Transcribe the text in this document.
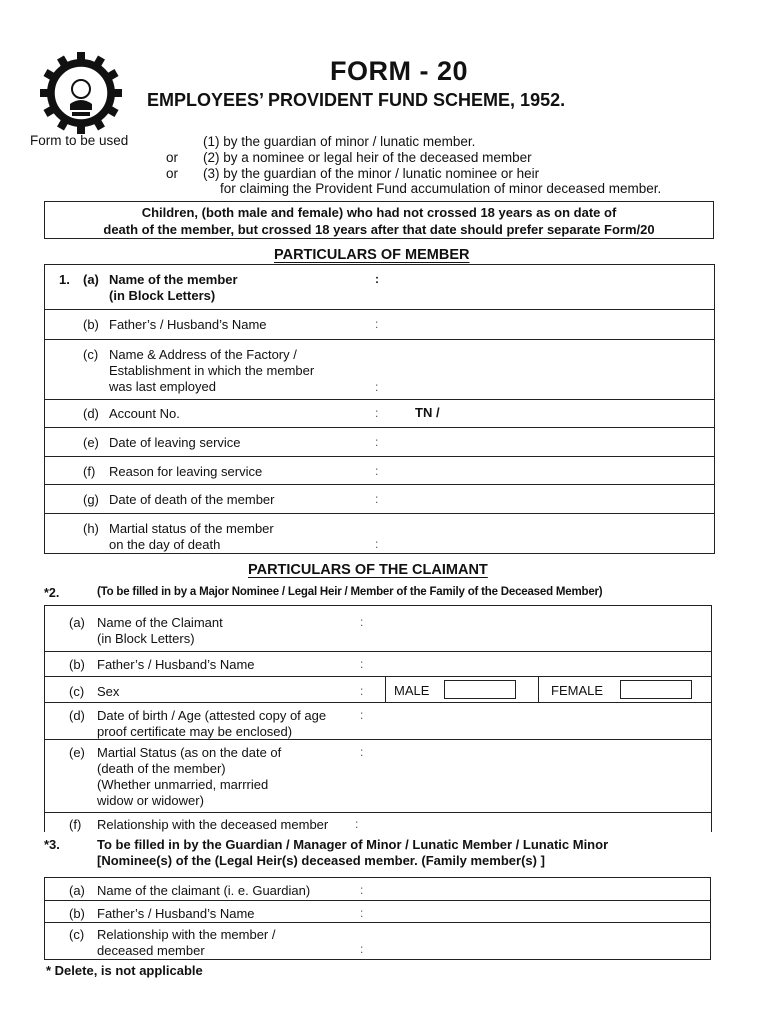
FORM - 20
EMPLOYEES’ PROVIDENT FUND SCHEME, 1952.
Form to be used	(1) by the guardian of minor / lunatic member.
or (2) by a nominee or legal heir of the deceased member
or (3) by the guardian of the minor / lunatic nominee or heir
for claiming the Provident Fund accumulation of minor deceased member.
Children, (both male and female) who had not crossed 18 years as on date of
death of the member, but crossed 18 years after that date should prefer separate Form/20
PARTICULARS OF MEMBER
1. (a) Name of the member
(in Block Letters)
:
(b) Father’s / Husband’s Name	:
(c) Name & Address of the Factory /
Establishment in which the member
was last employed	:
(d) Account No.	:	TN /
(e) Date of leaving service	:
(f) Reason for leaving service	:
(g) Date of death of the member	:
(h) Martial status of the member
on the day of death	:
PARTICULARS OF THE CLAIMANT
*2.	(To be filled in by a Major Nominee / Legal Heir / Member of the Family of the Deceased Member)
(a) Name of the Claimant
(in Block Letters)
:
(b) Father’s / Husband’s Name	:
(c) Sex	: MALE	FEMALE
(d) Date of birth / Age (attested copy of age
proof certificate may be enclosed)
:
(e) Martial Status (as on the date of
(death of the member)
(Whether unmarried, marrried
widow or widower)
:
(f) Relationship with the deceased member :
*3.	To be filled in by the Guardian / Manager of Minor / Lunatic Member / Lunatic Minor
[Nominee(s) of the (Legal Heir(s) deceased member. (Family member(s) ]
(a) Name of the claimant (i. e. Guardian)	:
(b) Father’s / Husband’s Name	:
(c) Relationship with the member /
deceased member	:
* Delete, is not applicable
